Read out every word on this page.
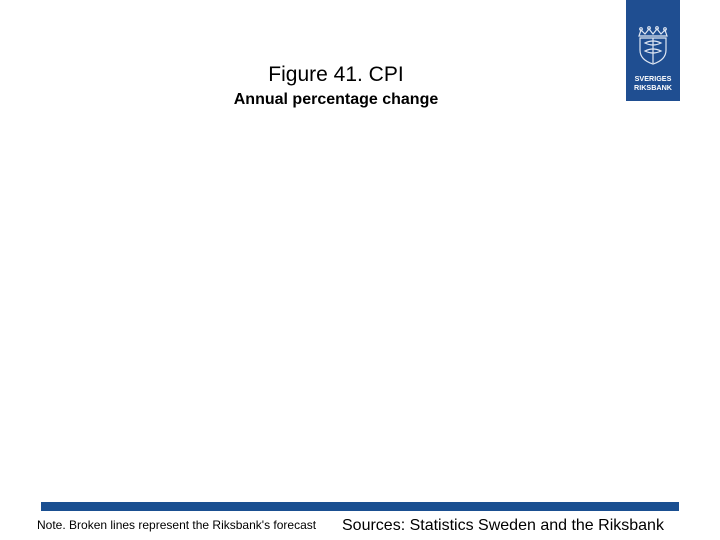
SVERIGES
RIKSBANK
Figure 41. CPI
Annual percentage change
Note. Broken lines represent the Riksbank's forecast Sources: Statistics Sweden and the Riksbank
